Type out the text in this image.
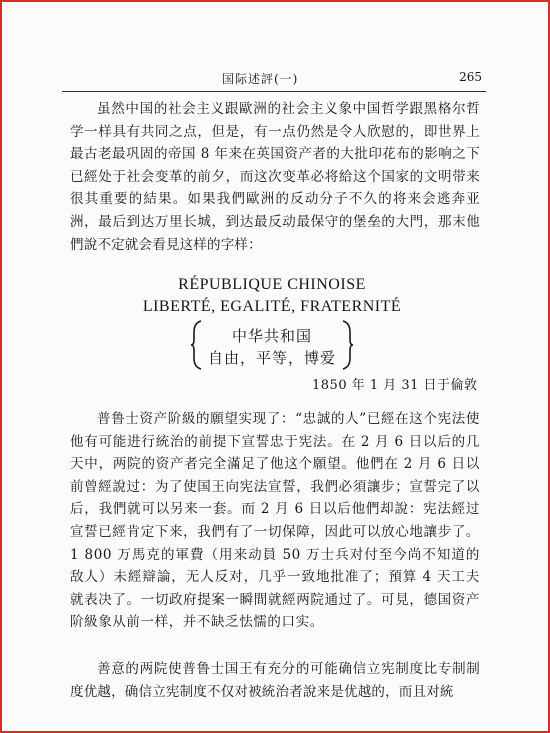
国际述評(一)	265

虽然中国的社会主义跟歐洲的社会主义象中国哲学跟黑格尔哲学一样具有共同之点，但是，有一点仍然是令人欣慰的，即世界上最古老最巩固的帝国 8 年来在英国资产者的大批印花布的影响之下已經处于社会变革的前夕，而这次变革必将給这个国家的文明带来很其重要的結果。如果我們歐洲的反动分子不久的将来会逃奔亚洲，最后到达万里长城，到达最反动最保守的堡垒的大門，那末他們說不定就会看見这样的字样：

RÉPUBLIQUE CHINOISE
LIBERTÉ, EGALITÉ, FRATERNITÉ
中华共和国
自由，平等，博爱
1850 年 1 月 31 日于倫敦

普鲁士资产阶級的願望实现了：“忠誠的人”已經在这个宪法使他有可能进行統治的前提下宣誓忠于宪法。在 2 月 6 日以后的几天中，两院的资产者完全滿足了他这个願望。他們在 2 月 6 日以前曾經說过：为了使国王向宪法宣誓，我們必須讓步；宣誓完了以后，我們就可以另来一套。而 2 月 6 日以后他們却說：宪法經过宣誓已經肯定下来，我們有了一切保障，因此可以放心地讓步了。1 800 万馬克的軍費（用来动員 50 万士兵对付至今尚不知道的敌人）未經辯論，无人反对，几乎一致地批准了；預算 4 天工夫就表决了。一切政府提案一瞬間就經两院通过了。可見，德国资产阶級象从前一样，并不缺乏怯懦的口实。

善意的两院使普鲁士国王有充分的可能确信立宪制度比专制制度优越，确信立宪制度不仅对被統治者說来是优越的，而且对統
